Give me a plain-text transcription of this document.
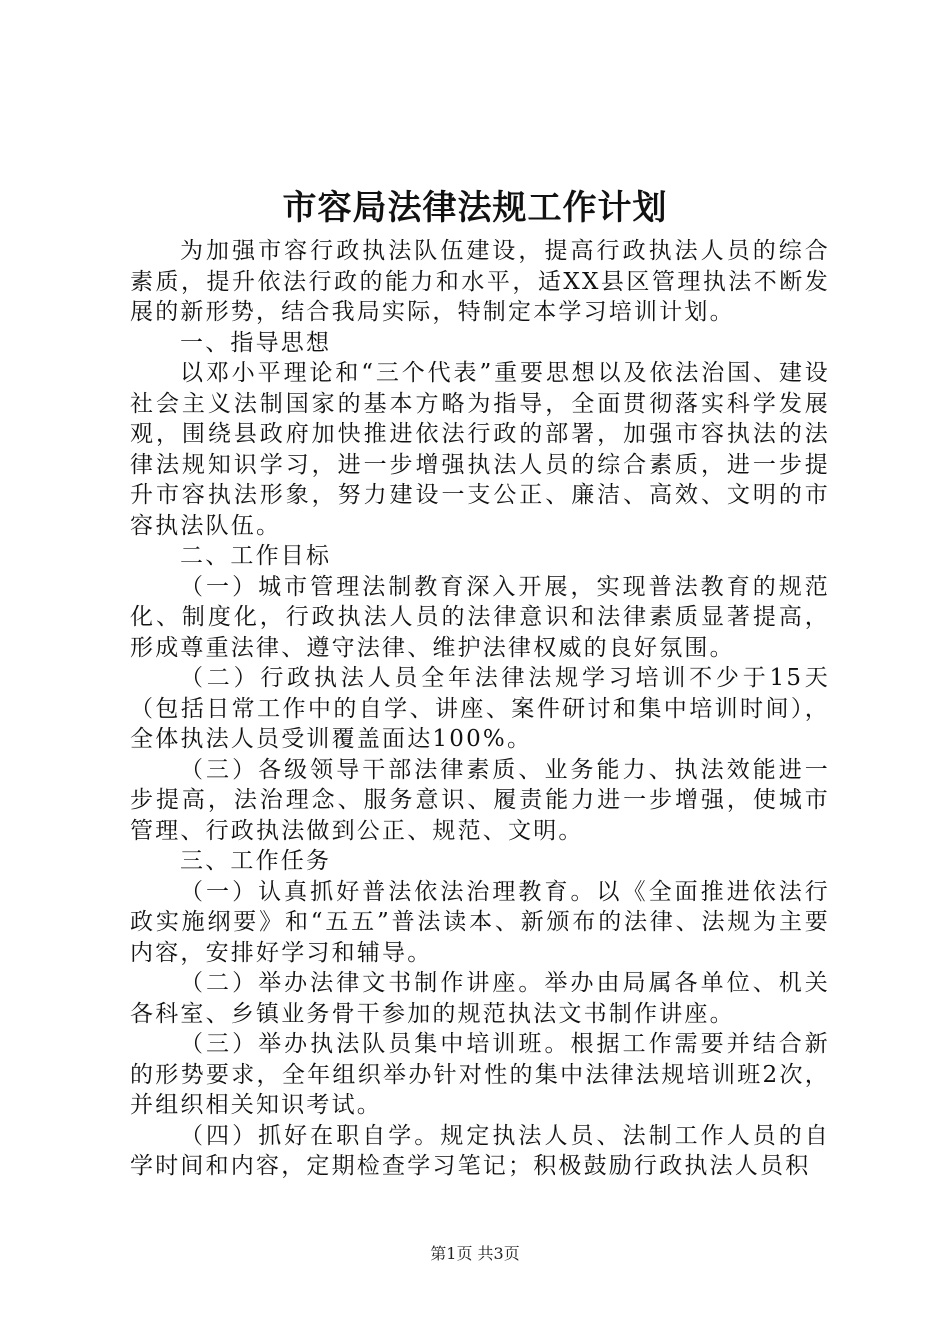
市容局法律法规工作计划

为加强市容行政执法队伍建设，提高行政执法人员的综合素质，提升依法行政的能力和水平，适XX县区管理执法不断发展的新形势，结合我局实际，特制定本学习培训计划。

一、指导思想

以邓小平理论和“三个代表”重要思想以及依法治国、建设社会主义法制国家的基本方略为指导，全面贯彻落实科学发展观，围绕县政府加快推进依法行政的部署，加强市容执法的法律法规知识学习，进一步增强执法人员的综合素质，进一步提升市容执法形象，努力建设一支公正、廉洁、高效、文明的市容执法队伍。

二、工作目标

（一）城市管理法制教育深入开展，实现普法教育的规范化、制度化，行政执法人员的法律意识和法律素质显著提高，形成尊重法律、遵守法律、维护法律权威的良好氛围。

（二）行政执法人员全年法律法规学习培训不少于15天（包括日常工作中的自学、讲座、案件研讨和集中培训时间），全体执法人员受训覆盖面达100%。

（三）各级领导干部法律素质、业务能力、执法效能进一步提高，法治理念、服务意识、履责能力进一步增强，使城市管理、行政执法做到公正、规范、文明。

三、工作任务

（一）认真抓好普法依法治理教育。以《全面推进依法行政实施纲要》和“五五”普法读本、新颁布的法律、法规为主要内容，安排好学习和辅导。

（二）举办法律文书制作讲座。举办由局属各单位、机关各科室、乡镇业务骨干参加的规范执法文书制作讲座。

（三）举办执法队员集中培训班。根据工作需要并结合新的形势要求，全年组织举办针对性的集中法律法规培训班2次，并组织相关知识考试。

（四）抓好在职自学。规定执法人员、法制工作人员的自学时间和内容，定期检查学习笔记；积极鼓励行政执法人员积

第1页 共3页
